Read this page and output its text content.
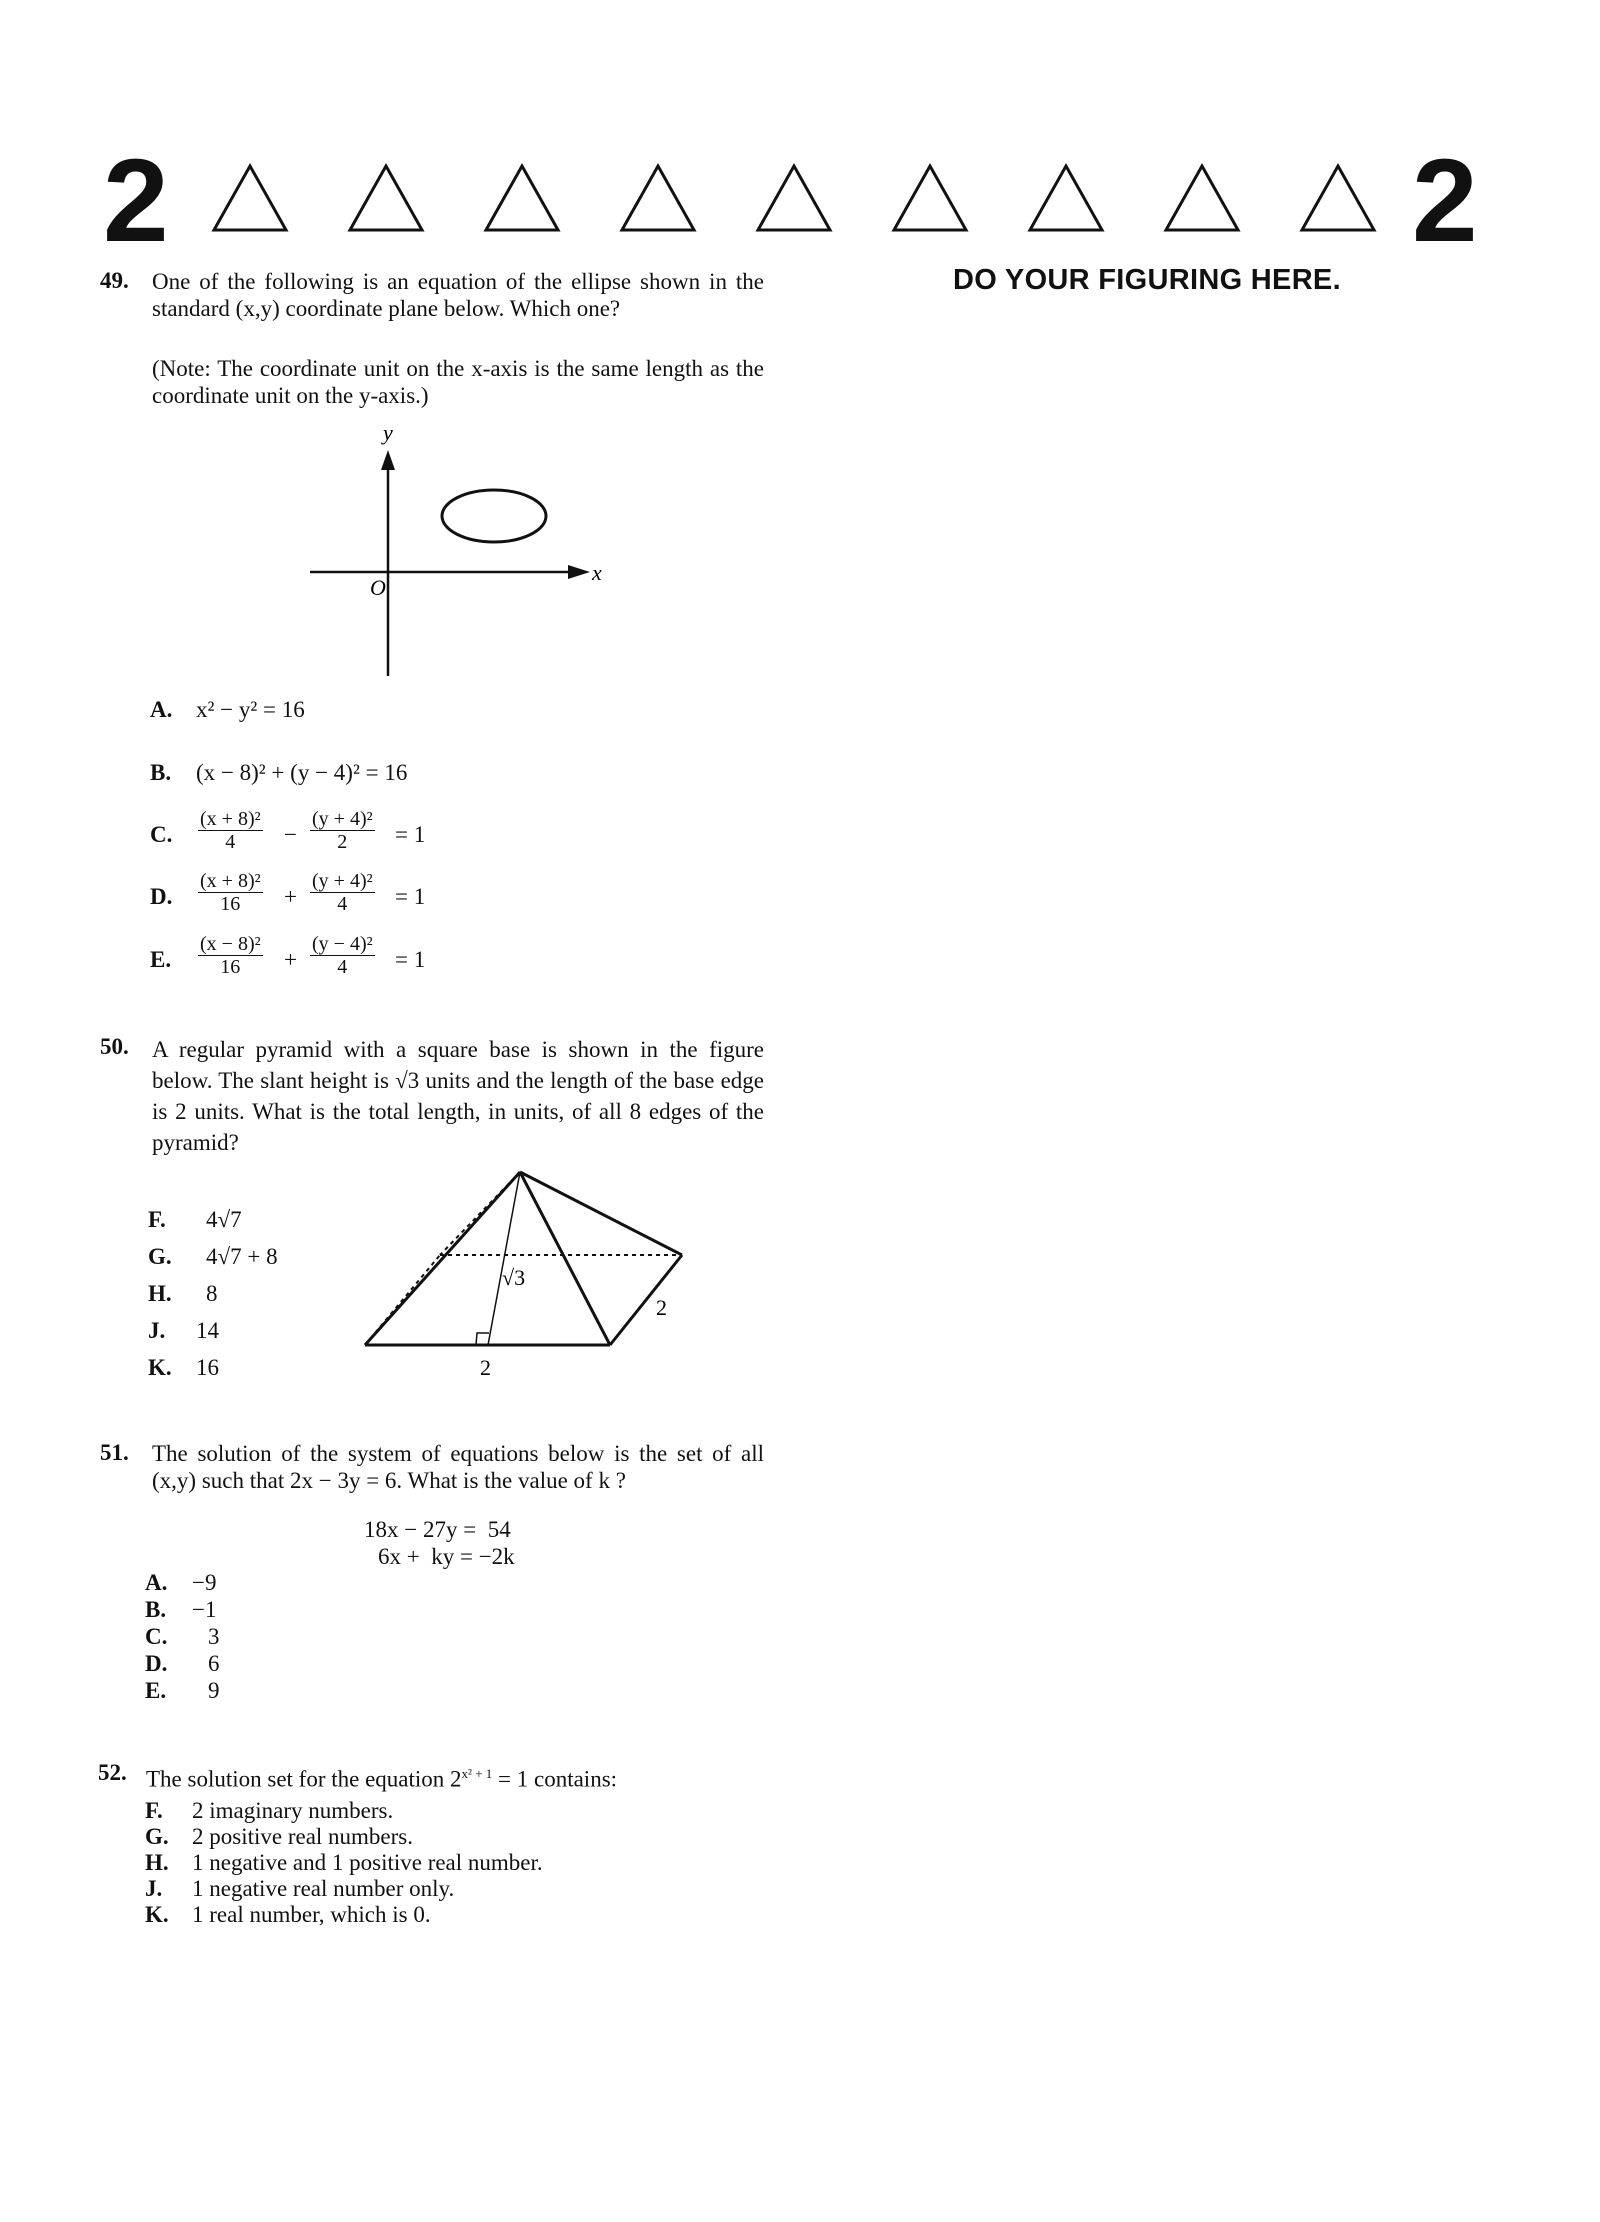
2	2
DO YOUR FIGURING HERE.
49. One of the following is an equation of the ellipse shown in the standard (x,y) coordinate plane below. Which one?
(Note: The coordinate unit on the x-axis is the same length as the coordinate unit on the y-axis.)
y
x
O
A. x² − y² = 16
B. (x − 8)² + (y − 4)² = 16
C. $\frac{\text{(x + 8)²}}{4} - \frac{\text{(y + 4)²}}{2} = 1$
D. $\frac{\text{(x + 8)²}}{16} + \frac{\text{(y + 4)²}}{4} = 1$
E. $\frac{\text{(x − 8)²}}{16} + \frac{\text{(y − 4)²}}{4} = 1$
50. A regular pyramid with a square base is shown in the figure below. The slant height is √3 units and the length of the base edge is 2 units. What is the total length, in units, of all 8 edges of the pyramid?
F. 4√7
G. 4√7 + 8
H. 8
J. 14
K. 16
√3
2
2
51. The solution of the system of equations below is the set of all (x,y) such that 2x − 3y = 6. What is the value of k ?
18x − 27y =  54
6x +  ky = −2k
A. −9
B. −1
C. 3
D. 6
E. 9
52. The solution set for the equation $2^{x^2 + 1} = 1$ contains:
F. 2 imaginary numbers.
G. 2 positive real numbers.
H. 1 negative and 1 positive real number.
J. 1 negative real number only.
K. 1 real number, which is 0.
